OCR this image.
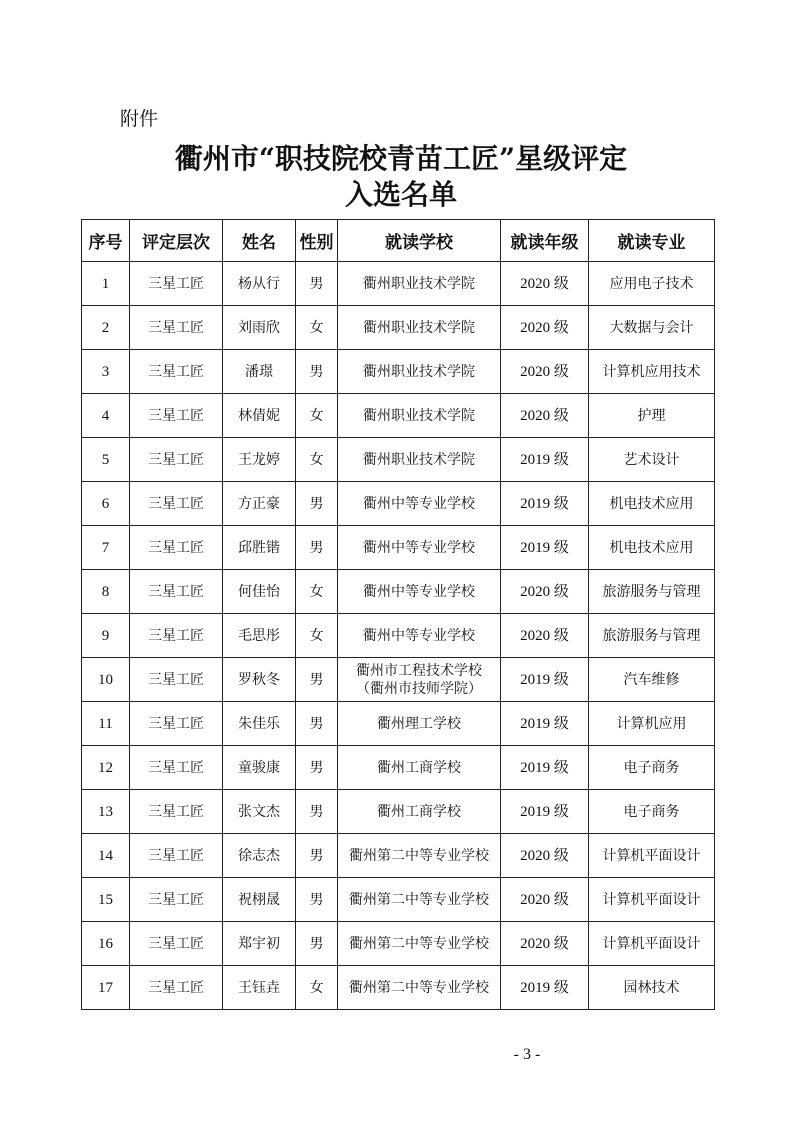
附件
衢州市“职技院校青苗工匠”星级评定
入选名单
序号	评定层次	姓名	性别	就读学校	就读年级	就读专业
1	三星工匠	杨从行	男	衢州职业技术学院	2020 级	应用电子技术
2	三星工匠	刘雨欣	女	衢州职业技术学院	2020 级	大数据与会计
3	三星工匠	潘璟	男	衢州职业技术学院	2020 级	计算机应用技术
4	三星工匠	林倩妮	女	衢州职业技术学院	2020 级	护理
5	三星工匠	王龙婷	女	衢州职业技术学院	2019 级	艺术设计
6	三星工匠	方正豪	男	衢州中等专业学校	2019 级	机电技术应用
7	三星工匠	邱胜锴	男	衢州中等专业学校	2019 级	机电技术应用
8	三星工匠	何佳怡	女	衢州中等专业学校	2020 级	旅游服务与管理
9	三星工匠	毛思彤	女	衢州中等专业学校	2020 级	旅游服务与管理
10	三星工匠	罗秋冬	男	衢州市工程技术学校
（衢州市技师学院）	2019 级	汽车维修
11	三星工匠	朱佳乐	男	衢州理工学校	2019 级	计算机应用
12	三星工匠	童骏康	男	衢州工商学校	2019 级	电子商务
13	三星工匠	张文杰	男	衢州工商学校	2019 级	电子商务
14	三星工匠	徐志杰	男	衢州第二中等专业学校	2020 级	计算机平面设计
15	三星工匠	祝栩晟	男	衢州第二中等专业学校	2020 级	计算机平面设计
16	三星工匠	郑宇初	男	衢州第二中等专业学校	2020 级	计算机平面设计
17	三星工匠	王钰垚	女	衢州第二中等专业学校	2019 级	园林技术
- 3 -
